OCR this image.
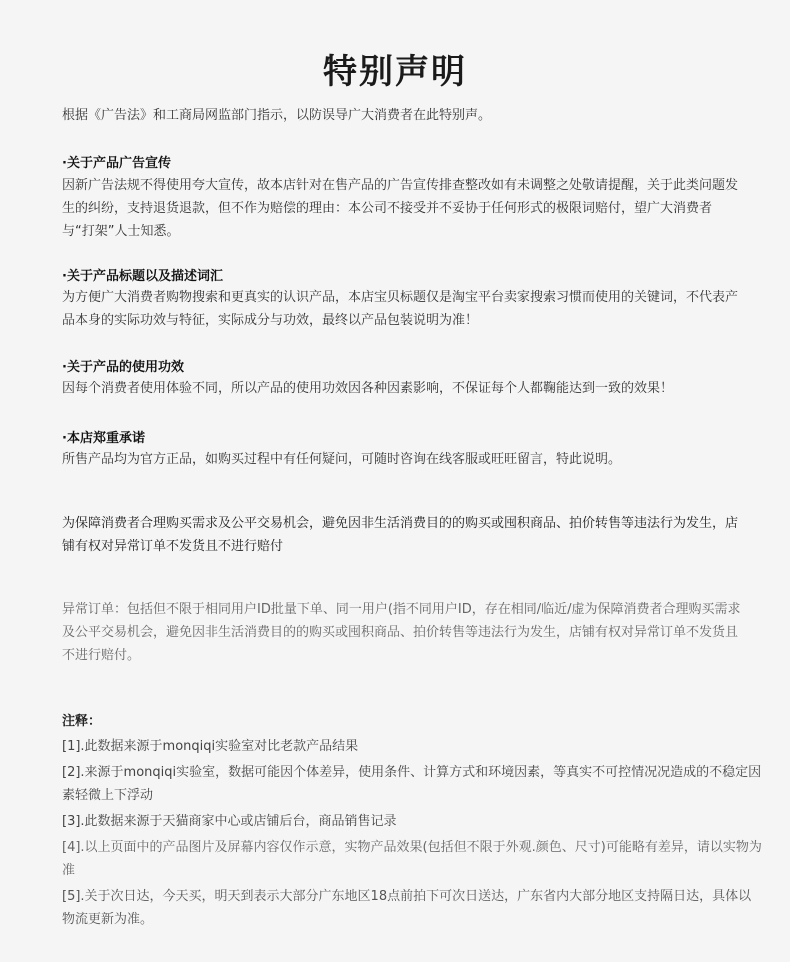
特别声明
根据《广告法》和工商局网监部门指示，以防误导广大消费者在此特别声。
·关于产品广告宣传
因新广告法规不得使用夸大宣传，故本店针对在售产品的广告宣传排查整改如有未调整之处敬请提醒，关于此类问题发生的纠纷，支持退货退款，但不作为赔偿的理由：本公司不接受并不妥协于任何形式的极限词赔付，望广大消费者与“打架”人士知悉。
·关于产品标题以及描述词汇
为方便广大消费者购物搜索和更真实的认识产品，本店宝贝标题仅是淘宝平台卖家搜索习惯而使用的关键词，不代表产品本身的实际功效与特征，实际成分与功效，最终以产品包装说明为准！
·关于产品的使用功效
因每个消费者使用体验不同，所以产品的使用功效因各种因素影响，不保证每个人都鞠能达到一致的效果！
·本店郑重承诺
所售产品均为官方正品，如购买过程中有任何疑问，可随时咨询在线客服或旺旺留言，特此说明。
为保障消费者合理购买需求及公平交易机会，避免因非生活消费目的的购买或囤积商品、拍价转售等违法行为发生，店铺有权对异常订单不发货且不进行赔付
异常订单：包括但不限于相同用户ID批量下单、同一用户(指不同用户ID，存在相同/临近/虚为保障消费者合理购买需求及公平交易机会，避免因非生活消费目的的购买或囤积商品、拍价转售等违法行为发生，店铺有权对异常订单不发货且不进行赔付。
注释：
[1].此数据来源于monqiqi实验室对比老款产品结果
[2].来源于monqiqi实验室，数据可能因个体差异，使用条件、计算方式和环境因素，等真实不可控情况况造成的不稳定因素轻微上下浮动
[3].此数据来源于天猫商家中心或店铺后台，商品销售记录
[4].以上页面中的产品图片及屏幕内容仅作示意，实物产品效果(包括但不限于外观.颜色、尺寸)可能略有差异，请以实物为准
[5].关于次日达，今天买，明天到表示大部分广东地区18点前拍下可次日送达，广东省内大部分地区支持隔日达，具体以物流更新为准。
